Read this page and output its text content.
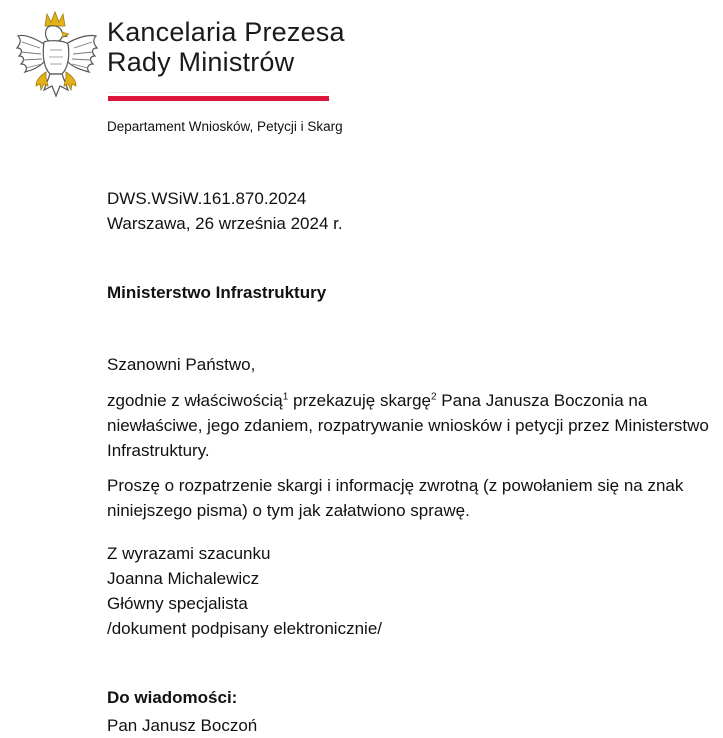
Kancelaria Prezesa
Rady Ministrów
Departament Wniosków, Petycji i Skarg
DWS.WSiW.161.870.2024
Warszawa, 26 września 2024 r.
Ministerstwo Infrastruktury
Szanowni Państwo,
zgodnie z właściwością$^1$ przekazuję skargę$^2$ Pana Janusza Boczonia na niewłaściwe, jego zdaniem, rozpatrywanie wniosków i petycji przez Ministerstwo Infrastruktury.
Proszę o rozpatrzenie skargi i informację zwrotną (z powołaniem się na znak niniejszego pisma) o tym jak załatwiono sprawę.
Z wyrazami szacunku
Joanna Michalewicz
Główny specjalista
/dokument podpisany elektronicznie/
Do wiadomości:
Pan Janusz Boczoń
